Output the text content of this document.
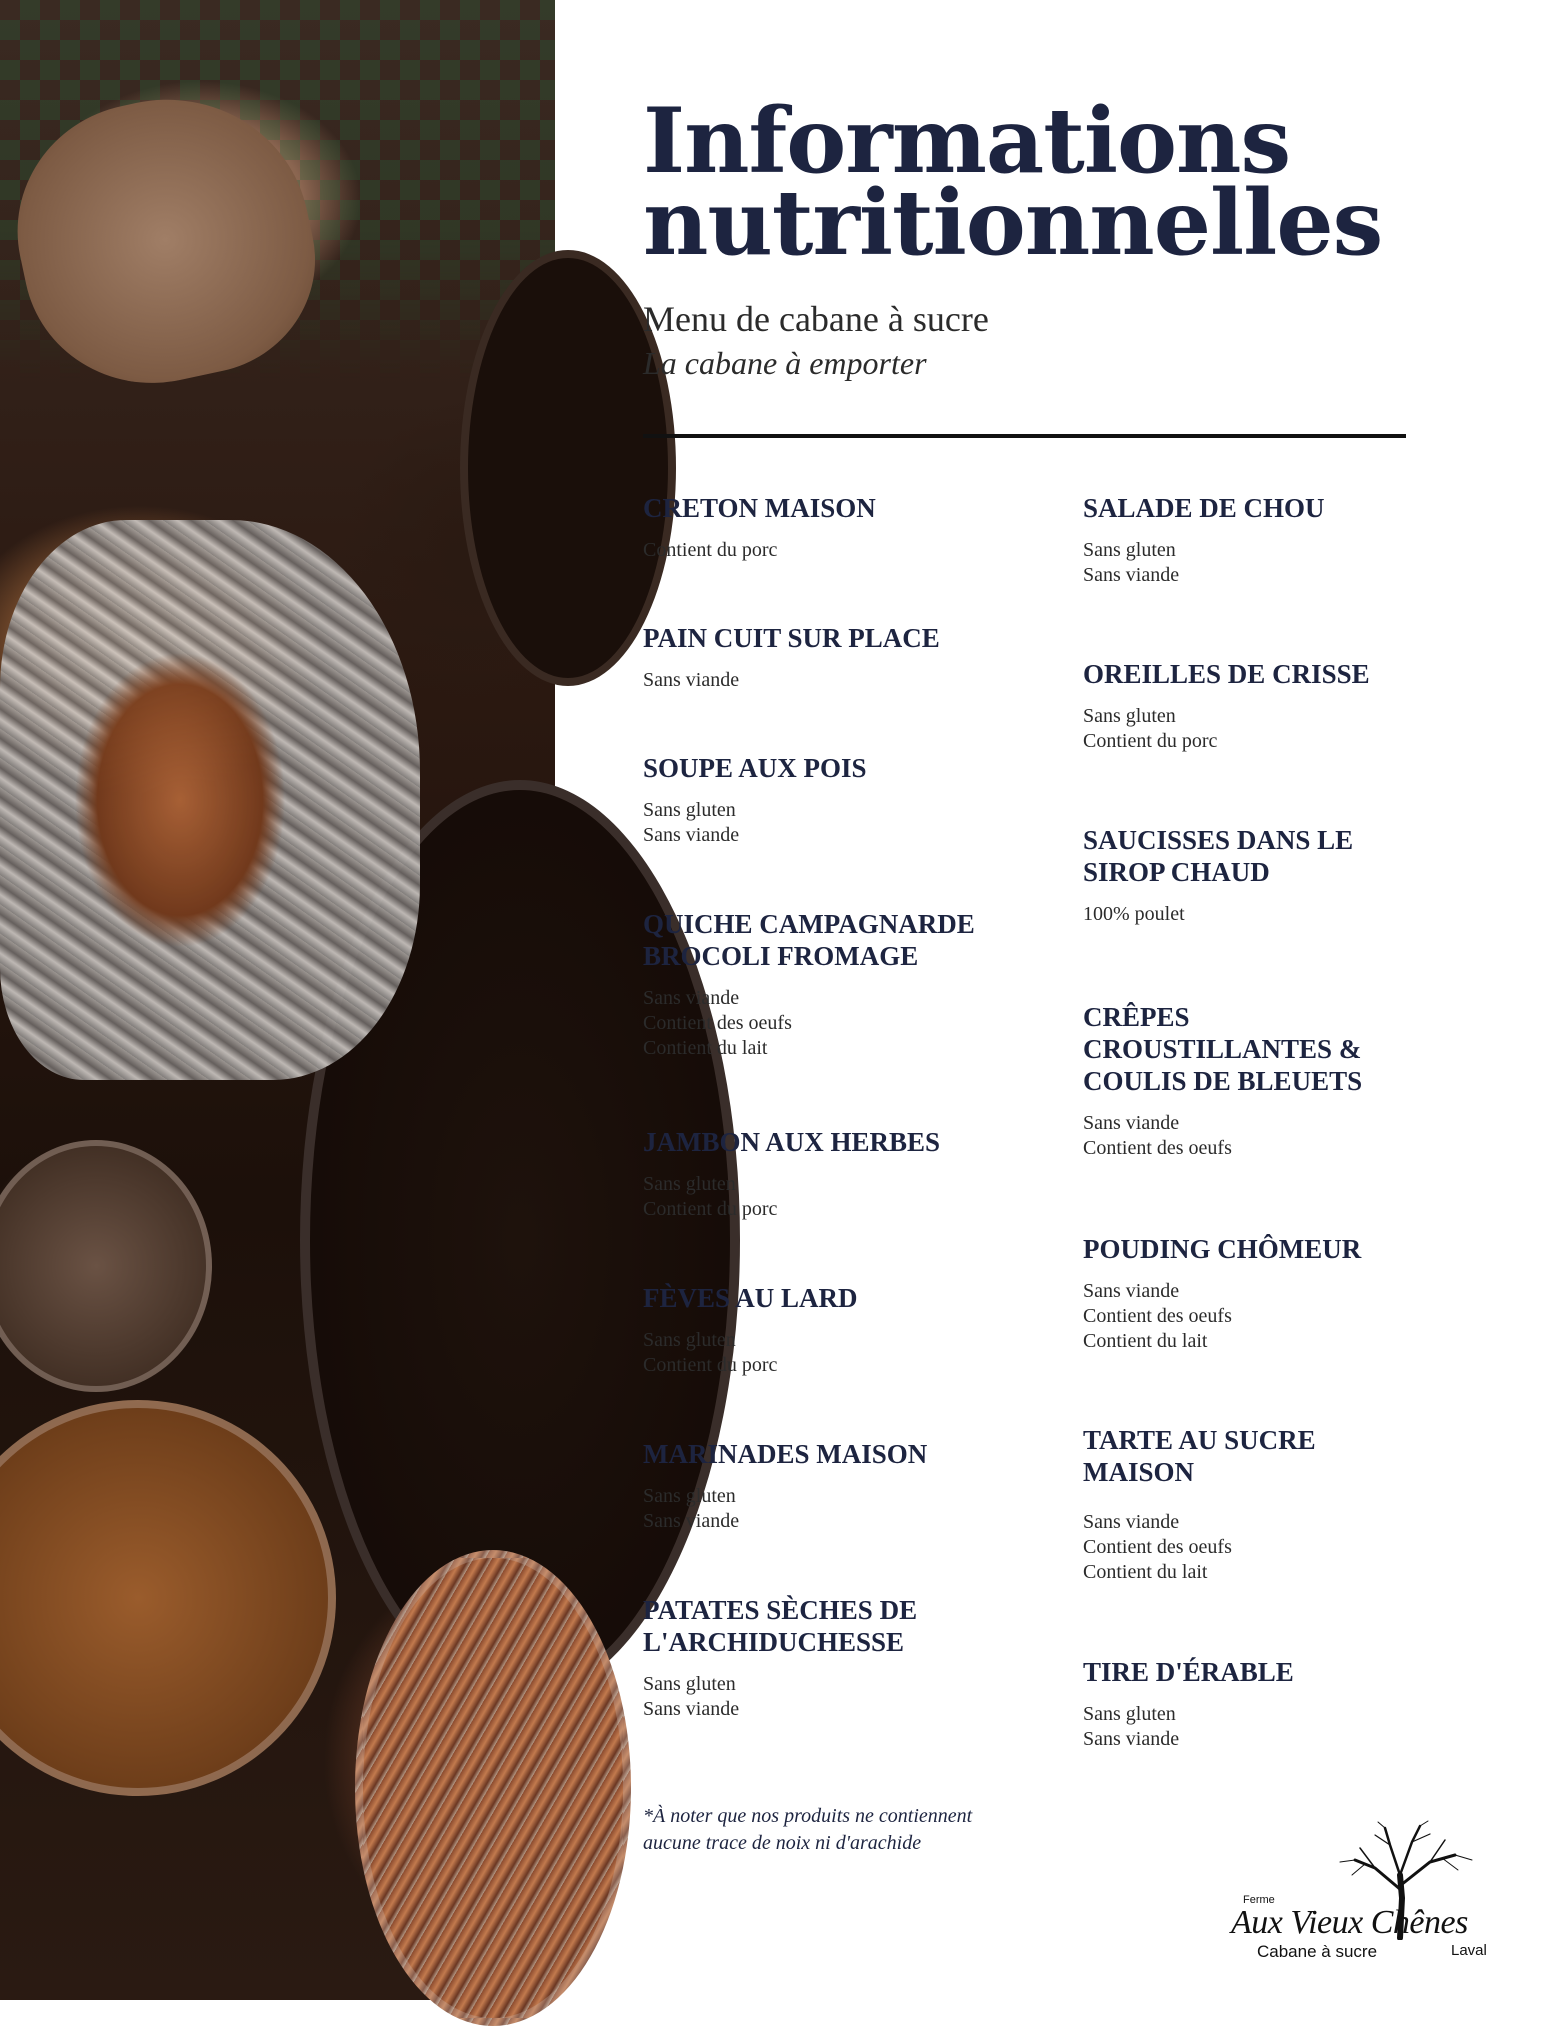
Informations
nutritionnelles
Menu de cabane à sucre
La cabane à emporter
CRETON MAISON
Contient du porc
PAIN CUIT SUR PLACE
Sans viande
SOUPE AUX POIS
Sans gluten
Sans viande
QUICHE CAMPAGNARDE
BROCOLI FROMAGE
Sans viande
Contient des oeufs
Contient du lait
JAMBON AUX HERBES
Sans gluten
Contient du porc
FÈVES AU LARD
Sans gluten
Contient du porc
MARINADES MAISON
Sans gluten
Sans viande
PATATES SÈCHES DE
L'ARCHIDUCHESSE
Sans gluten
Sans viande
SALADE DE CHOU
Sans gluten
Sans viande
OREILLES DE CRISSE
Sans gluten
Contient du porc
SAUCISSES DANS LE
SIROP CHAUD
100% poulet
CRÊPES
CROUSTILLANTES &
COULIS DE BLEUETS
Sans viande
Contient des oeufs
POUDING CHÔMEUR
Sans viande
Contient des oeufs
Contient du lait
TARTE AU SUCRE
MAISON
Sans viande
Contient des oeufs
Contient du lait
TIRE D'ÉRABLE
Sans gluten
Sans viande
*À noter que nos produits ne contiennent
aucune trace de noix ni d'arachide
Ferme
Aux Vieux Chênes
Cabane à sucre	Laval
